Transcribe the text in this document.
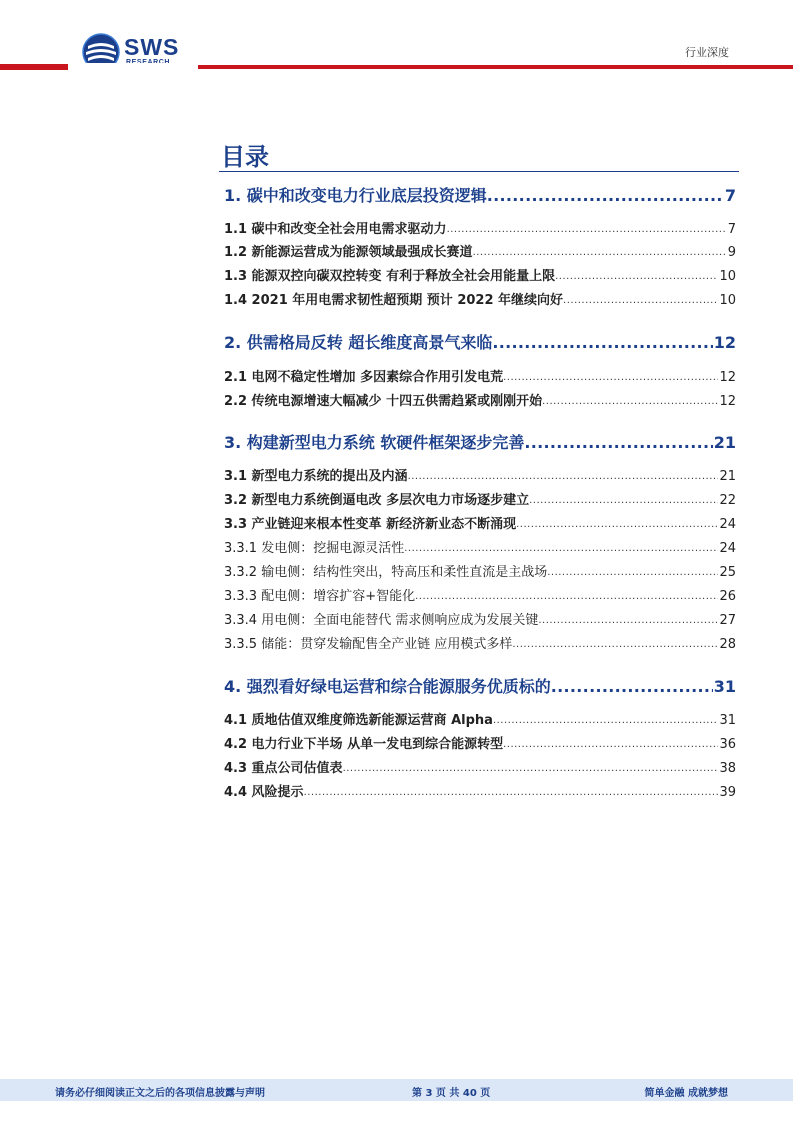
SWS	行业深度
目录
1. 碳中和改变电力行业底层投资逻辑 .....	7
1.1 碳中和改变全社会用电需求驱动力 .....	7
1.2 新能源运营成为能源领域最强成长赛道 .....	9
1.3 能源双控向碳双控转变 有利于释放全社会用能量上限 .....	10
1.4 2021 年用电需求韧性超预期 预计 2022 年继续向好 .....	10
2. 供需格局反转 超长维度高景气来临 .....	12
2.1 电网不稳定性增加 多因素综合作用引发电荒 .....	12
2.2 传统电源增速大幅减少 十四五供需趋紧或刚刚开始 .....	12
3. 构建新型电力系统 软硬件框架逐步完善 .....	21
3.1 新型电力系统的提出及内涵 .....	21
3.2 新型电力系统倒逼电改 多层次电力市场逐步建立 .....	22
3.3 产业链迎来根本性变革 新经济新业态不断涌现 .....	24
3.3.1 发电侧：挖掘电源灵活性 .....	24
3.3.2 输电侧：结构性突出，特高压和柔性直流是主战场 .....	25
3.3.3 配电侧：增容扩容+智能化 .....	26
3.3.4 用电侧：全面电能替代 需求侧响应成为发展关键 .....	27
3.3.5 储能：贯穿发输配售全产业链 应用模式多样 .....	28
4. 强烈看好绿电运营和综合能源服务优质标的 .....	31
4.1 质地估值双维度筛选新能源运营商 Alpha .....	31
4.2 电力行业下半场 从单一发电到综合能源转型 .....	36
4.3 重点公司估值表 .....	38
4.4 风险提示 .....	39
请务必仔细阅读正文之后的各项信息披露与声明	第 3 页 共 40 页	简单金融 成就梦想
